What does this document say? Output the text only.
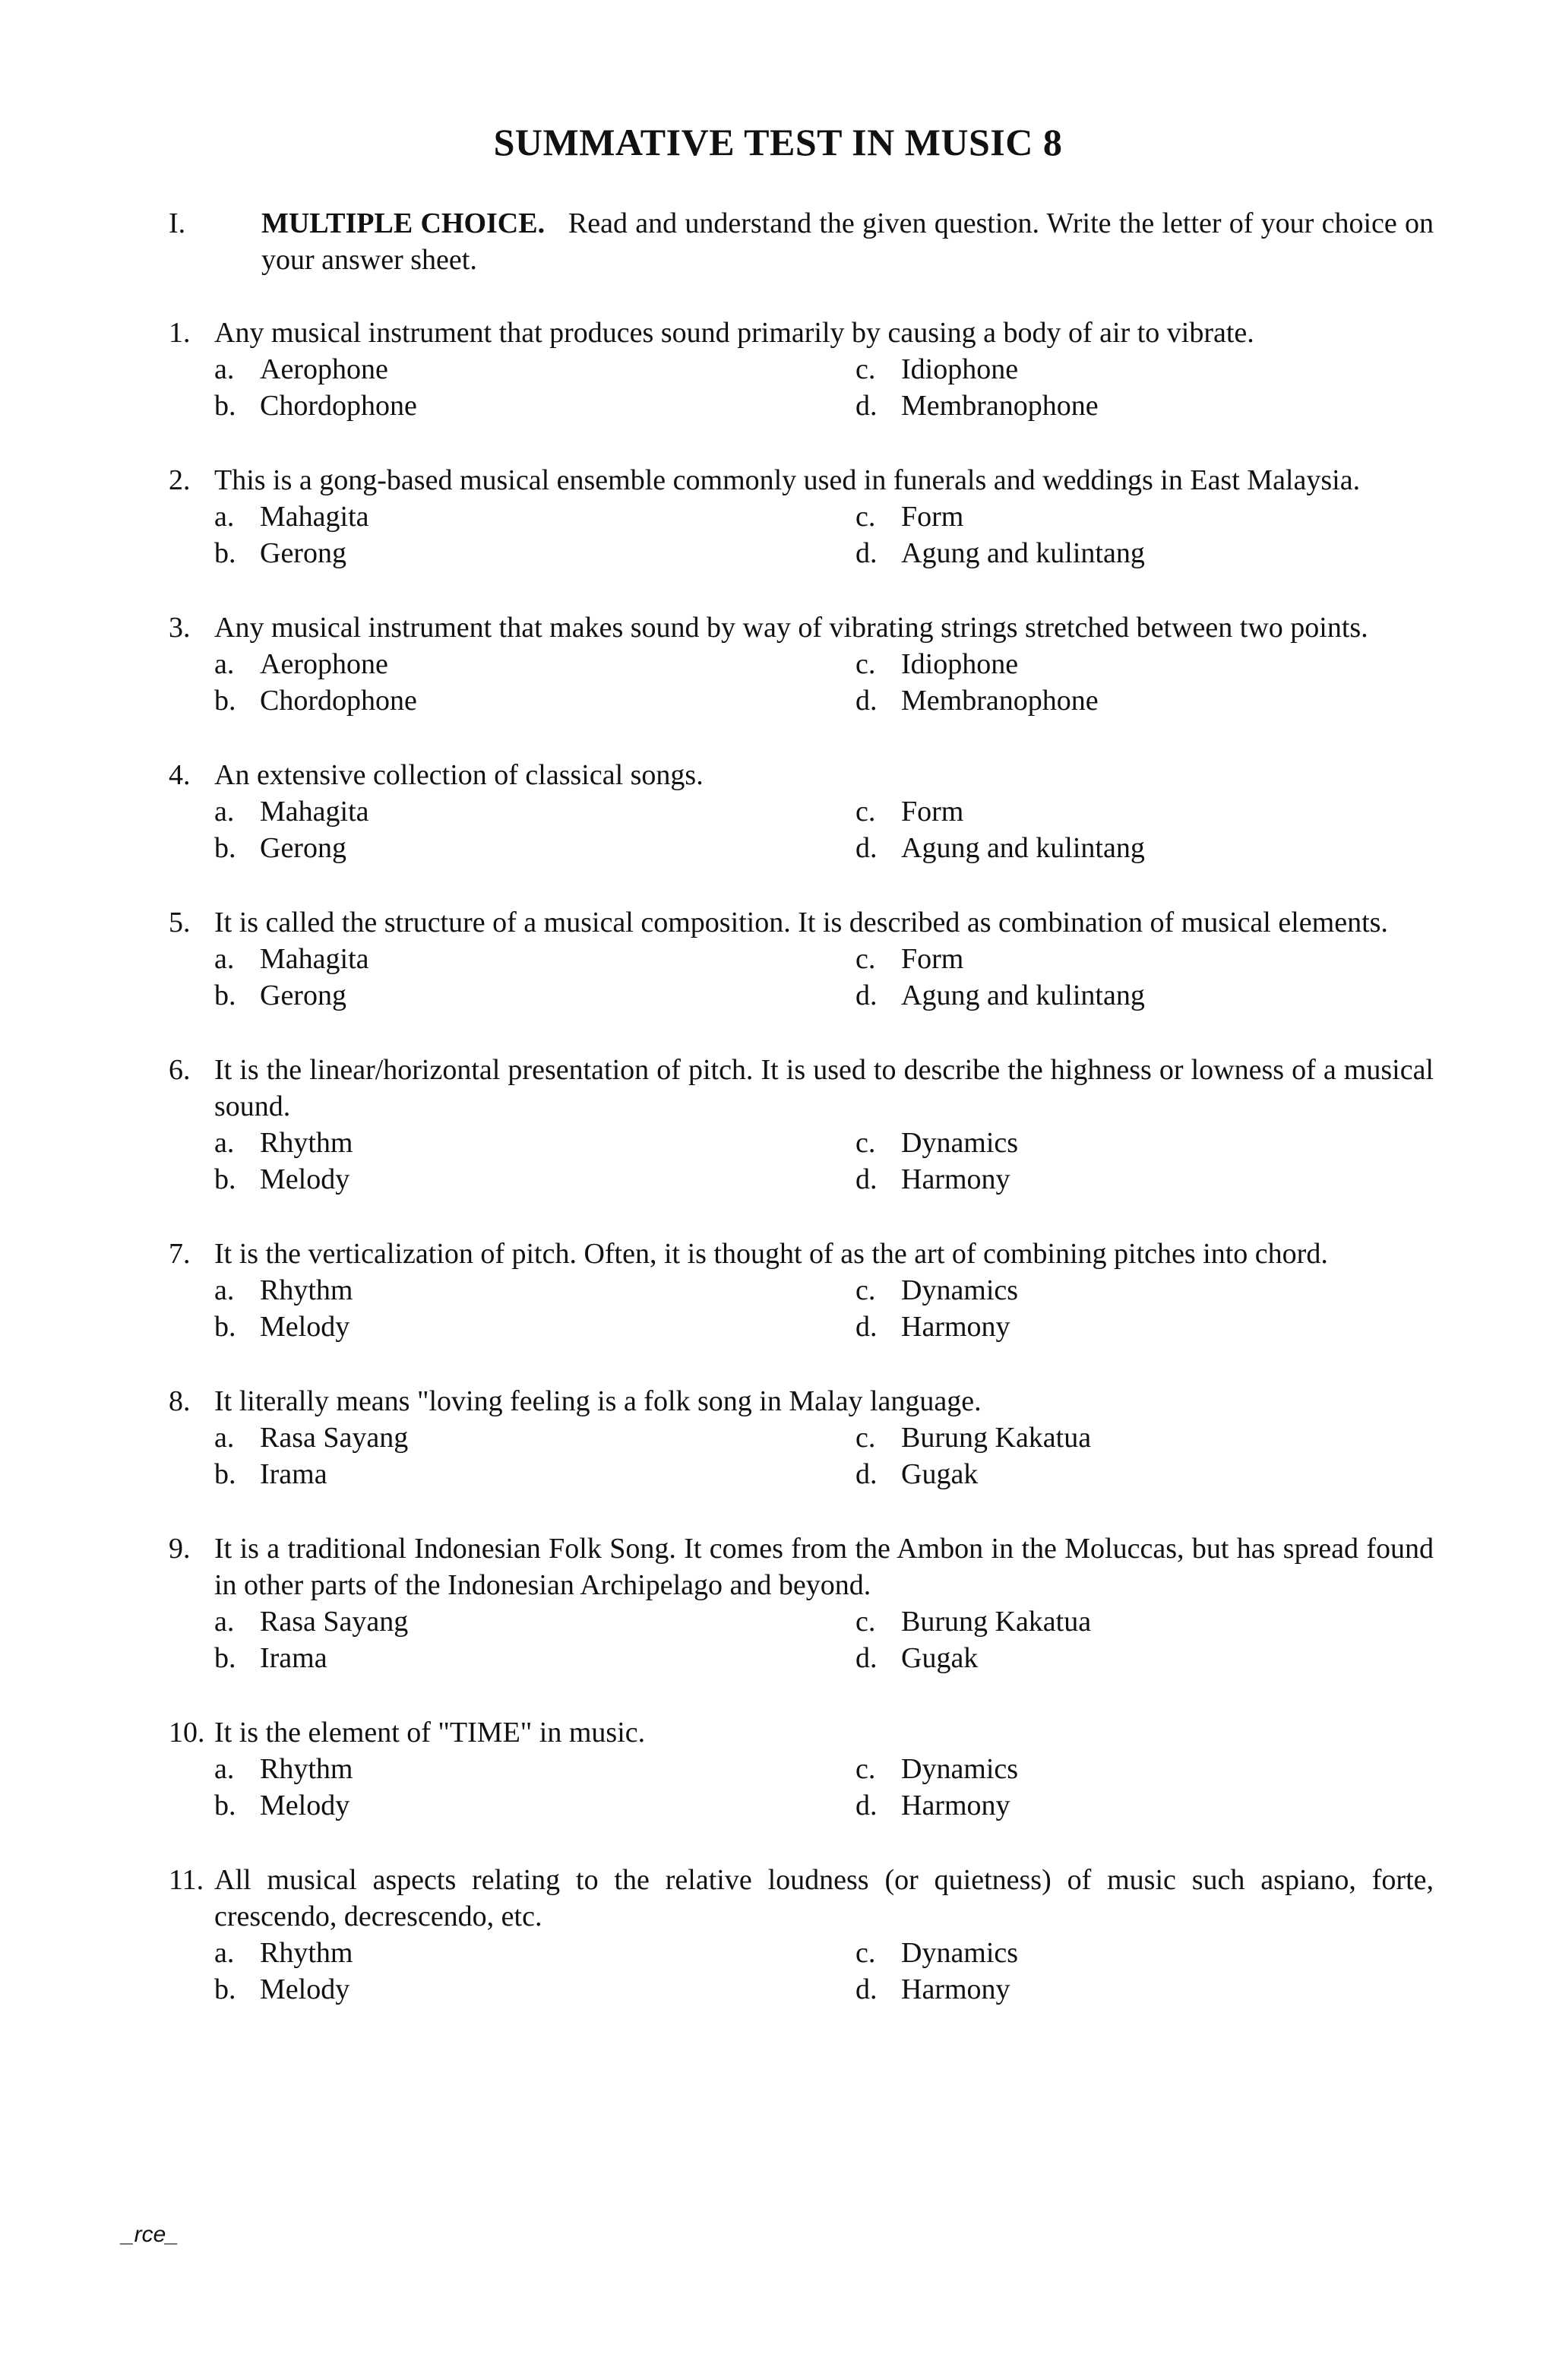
SUMMATIVE TEST IN MUSIC 8
I.	MULTIPLE CHOICE. Read and understand the given question. Write the letter of your choice on your answer sheet.
1. Any musical instrument that produces sound primarily by causing a body of air to vibrate.
a. Aerophone	c. Idiophone
b. Chordophone	d. Membranophone
2. This is a gong-based musical ensemble commonly used in funerals and weddings in East Malaysia.
a. Mahagita	c. Form
b. Gerong	d. Agung and kulintang
3. Any musical instrument that makes sound by way of vibrating strings stretched between two points.
a. Aerophone	c. Idiophone
b. Chordophone	d. Membranophone
4. An extensive collection of classical songs.
a. Mahagita	c. Form
b. Gerong	d. Agung and kulintang
5. It is called the structure of a musical composition. It is described as combination of musical elements.
a. Mahagita	c. Form
b. Gerong	d. Agung and kulintang
6. It is the linear/horizontal presentation of pitch. It is used to describe the highness or lowness of a musical sound.
a. Rhythm	c. Dynamics
b. Melody	d. Harmony
7. It is the verticalization of pitch. Often, it is thought of as the art of combining pitches into chord.
a. Rhythm	c. Dynamics
b. Melody	d. Harmony
8. It literally means "loving feeling is a folk song in Malay language.
a. Rasa Sayang	c. Burung Kakatua
b. Irama	d. Gugak
9. It is a traditional Indonesian Folk Song. It comes from the Ambon in the Moluccas, but has spread found in other parts of the Indonesian Archipelago and beyond.
a. Rasa Sayang	c. Burung Kakatua
b. Irama	d. Gugak
10. It is the element of "TIME" in music.
a. Rhythm	c. Dynamics
b. Melody	d. Harmony
11. All musical aspects relating to the relative loudness (or quietness) of music such aspiano, forte, crescendo, decrescendo, etc.
a. Rhythm	c. Dynamics
b. Melody	d. Harmony
_rce_
